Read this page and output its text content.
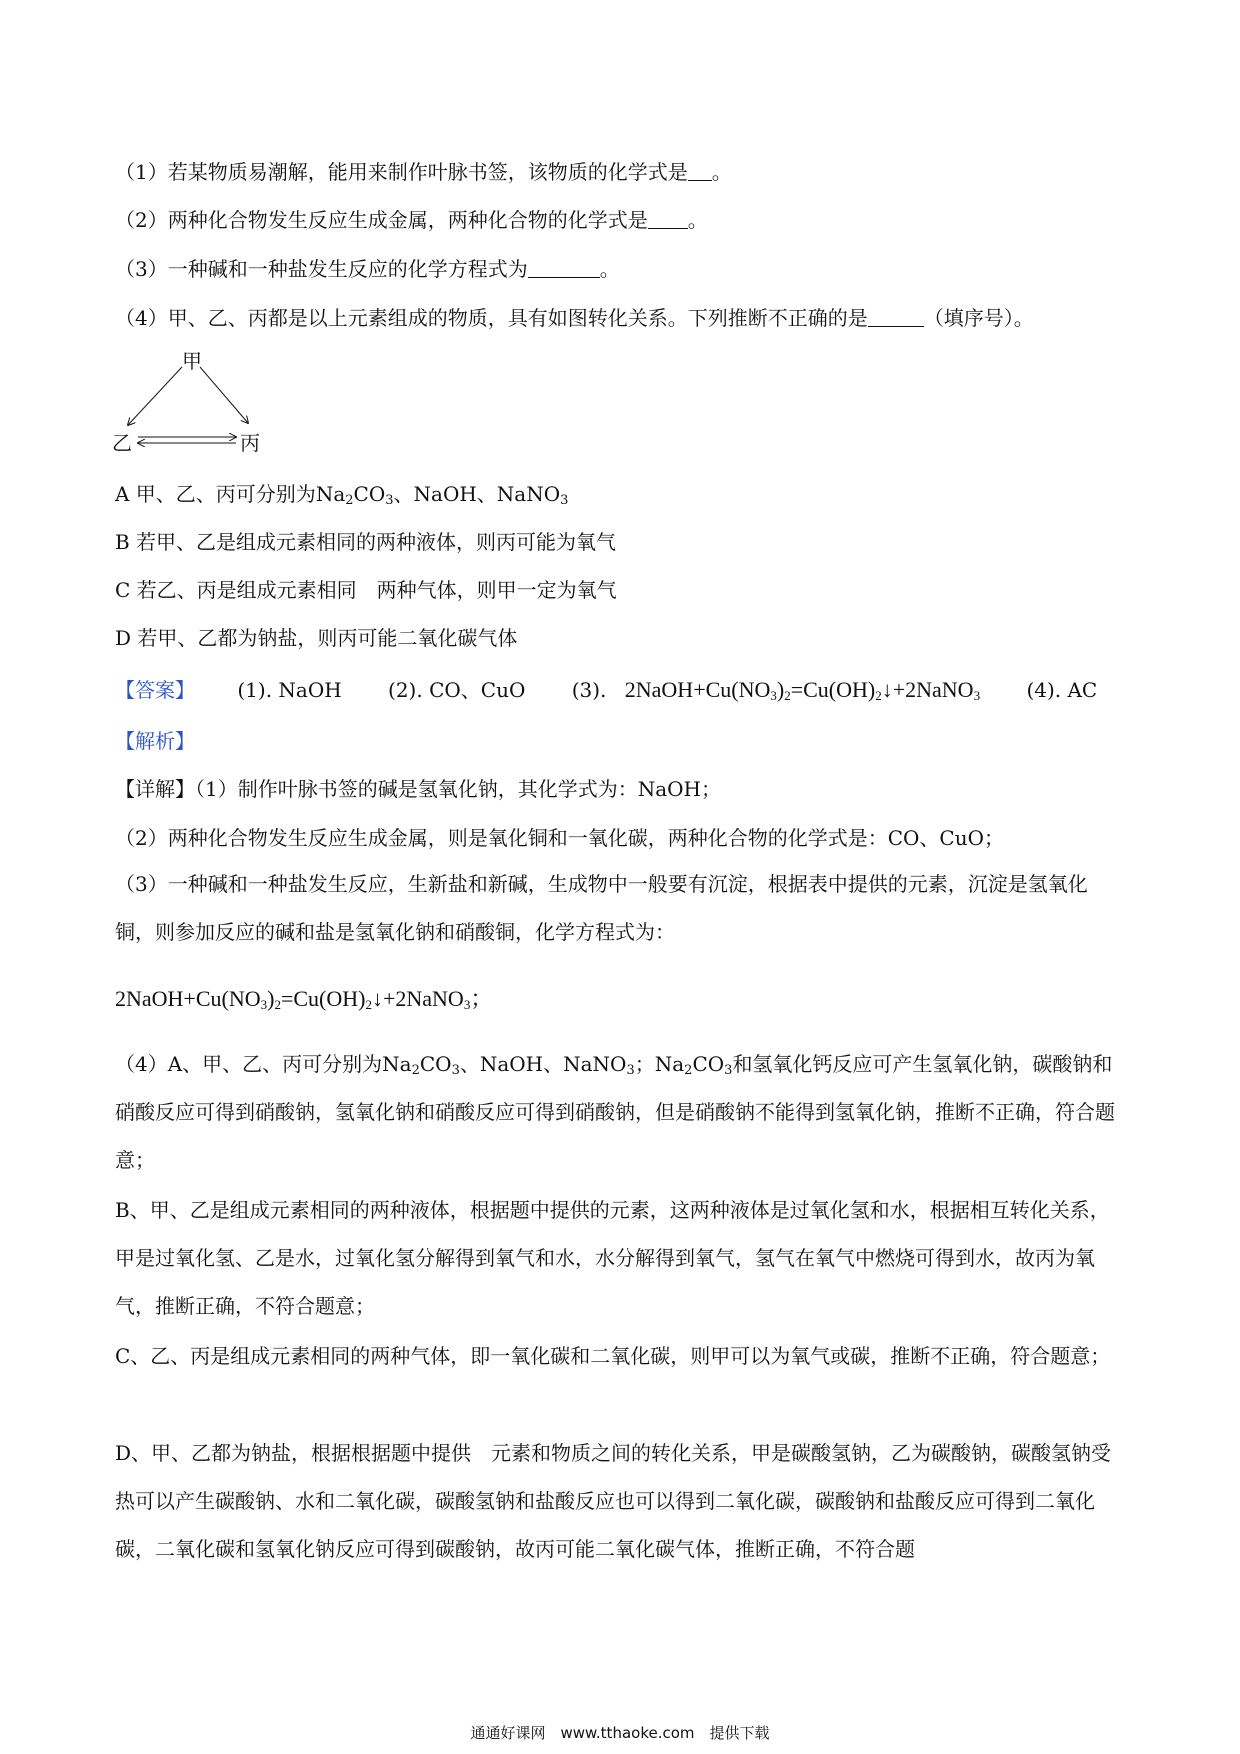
（1）若某物质易潮解，能用来制作叶脉书签，该物质的化学式是 。
（2）两种化合物发生反应生成金属，两种化合物的化学式是 。
（3）一种碱和一种盐发生反应的化学方程式为	。
（4）甲、乙、丙都是以上元素组成的物质，具有如图转化关系。下列推断不正确的是	（填序号）。
甲
乙	丙
A 甲、乙、丙可分别为$Na_2CO_3$、NaOH、NaNO$_3$
B 若甲、乙是组成元素相同的两种液体，则丙可能为氧气
C 若乙、丙是组成元素相同　两种气体，则甲一定为氧气
D 若甲、乙都为钠盐，则丙可能二氧化碳气体
【答案】 (1). NaOH (2). CO、CuO (3). $2NaOH+Cu(NO_3)_2=Cu(OH)_2↓+2NaNO_3$ (4). AC
【解析】
【详解】（1）制作叶脉书签的碱是氢氧化钠，其化学式为：NaOH；
（2）两种化合物发生反应生成金属，则是氧化铜和一氧化碳，两种化合物的化学式是：CO、CuO；
（3）一种碱和一种盐发生反应，生新盐和新碱，生成物中一般要有沉淀，根据表中提供的元素，沉淀是氢氧化铜，则参加反应的碱和盐是氢氧化钠和硝酸铜，化学方程式为：
$2NaOH+Cu(NO_3)_2=Cu(OH)_2↓+2NaNO_3$；
（4）A、甲、乙、丙可分别为$Na_2CO_3$、NaOH、NaNO$_3$；$Na_2CO_3$和氢氧化钙反应可产生氢氧化钠，碳酸钠和硝酸反应可得到硝酸钠，氢氧化钠和硝酸反应可得到硝酸钠，但是硝酸钠不能得到氢氧化钠，推断不正确，符合题意；
B、甲、乙是组成元素相同的两种液体，根据题中提供的元素，这两种液体是过氧化氢和水，根据相互转化关系，甲是过氧化氢、乙是水，过氧化氢分解得到氧气和水，水分解得到氧气，氢气在氧气中燃烧可得到水，故丙为氧气，推断正确，不符合题意；
C、乙、丙是组成元素相同的两种气体，即一氧化碳和二氧化碳，则甲可以为氧气或碳，推断不正确，符合题意；
D、甲、乙都为钠盐，根据根据题中提供　元素和物质之间的转化关系，甲是碳酸氢钠，乙为碳酸钠，碳酸氢钠受热可以产生碳酸钠、水和二氧化碳，碳酸氢钠和盐酸反应也可以得到二氧化碳，碳酸钠和盐酸反应可得到二氧化碳，二氧化碳和氢氧化钠反应可得到碳酸钠，故丙可能二氧化碳气体，推断正确，不符合题
通通好课网　www.tthaoke.com　提供下载
